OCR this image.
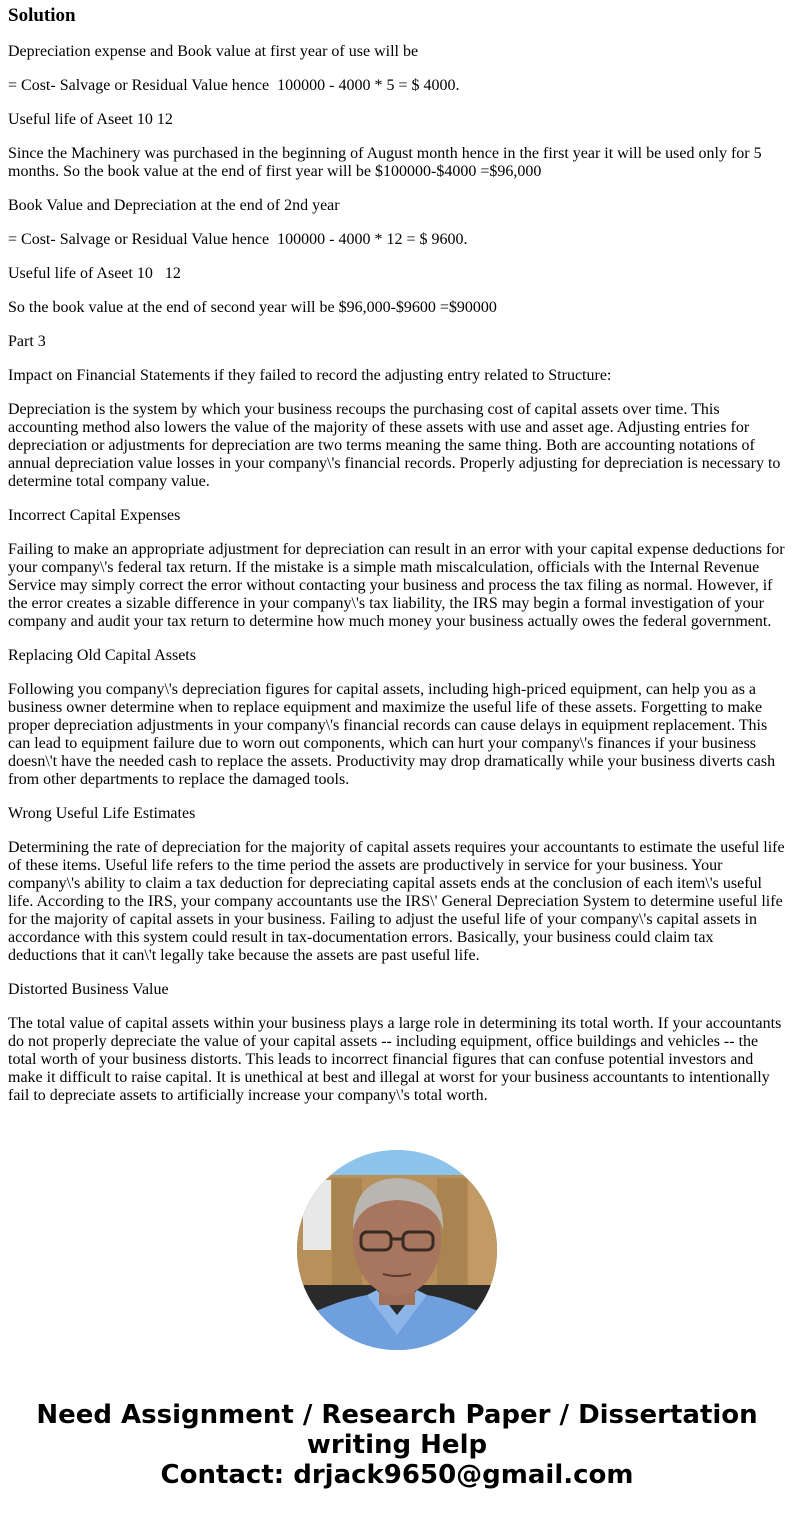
Solution

Depreciation expense and Book value at first year of use will be

= Cost- Salvage or Residual Value hence  100000 - 4000 * 5 = $ 4000.

Useful life of Aseet 10 12

Since the Machinery was purchased in the beginning of August month hence in the first year it will be used only for 5 months. So the book value at the end of first year will be $100000-$4000 =$96,000

Book Value and Depreciation at the end of 2nd year

= Cost- Salvage or Residual Value hence  100000 - 4000 * 12 = $ 9600.

Useful life of Aseet 10   12

So the book value at the end of second year will be $96,000-$9600 =$90000

Part 3

Impact on Financial Statements if they failed to record the adjusting entry related to Structure:

Depreciation is the system by which your business recoups the purchasing cost of capital assets over time. This accounting method also lowers the value of the majority of these assets with use and asset age. Adjusting entries for depreciation or adjustments for depreciation are two terms meaning the same thing. Both are accounting notations of annual depreciation value losses in your company\'s financial records. Properly adjusting for depreciation is necessary to determine total company value.

Incorrect Capital Expenses

Failing to make an appropriate adjustment for depreciation can result in an error with your capital expense deductions for your company\'s federal tax return. If the mistake is a simple math miscalculation, officials with the Internal Revenue Service may simply correct the error without contacting your business and process the tax filing as normal. However, if the error creates a sizable difference in your company\'s tax liability, the IRS may begin a formal investigation of your company and audit your tax return to determine how much money your business actually owes the federal government.

Replacing Old Capital Assets

Following you company\'s depreciation figures for capital assets, including high-priced equipment, can help you as a business owner determine when to replace equipment and maximize the useful life of these assets. Forgetting to make proper depreciation adjustments in your company\'s financial records can cause delays in equipment replacement. This can lead to equipment failure due to worn out components, which can hurt your company\'s finances if your business doesn\'t have the needed cash to replace the assets. Productivity may drop dramatically while your business diverts cash from other departments to replace the damaged tools.

Wrong Useful Life Estimates

Determining the rate of depreciation for the majority of capital assets requires your accountants to estimate the useful life of these items. Useful life refers to the time period the assets are productively in service for your business. Your company\'s ability to claim a tax deduction for depreciating capital assets ends at the conclusion of each item\'s useful life. According to the IRS, your company accountants use the IRS\' General Depreciation System to determine useful life for the majority of capital assets in your business. Failing to adjust the useful life of your company\'s capital assets in accordance with this system could result in tax-documentation errors. Basically, your business could claim tax deductions that it can\'t legally take because the assets are past useful life.

Distorted Business Value

The total value of capital assets within your business plays a large role in determining its total worth. If your accountants do not properly depreciate the value of your capital assets -- including equipment, office buildings and vehicles -- the total worth of your business distorts. This leads to incorrect financial figures that can confuse potential investors and make it difficult to raise capital. It is unethical at best and illegal at worst for your business accountants to intentionally fail to depreciate assets to artificially increase your company\'s total worth.

Need Assignment / Research Paper / Dissertation
writing Help
Contact: drjack9650@gmail.com
